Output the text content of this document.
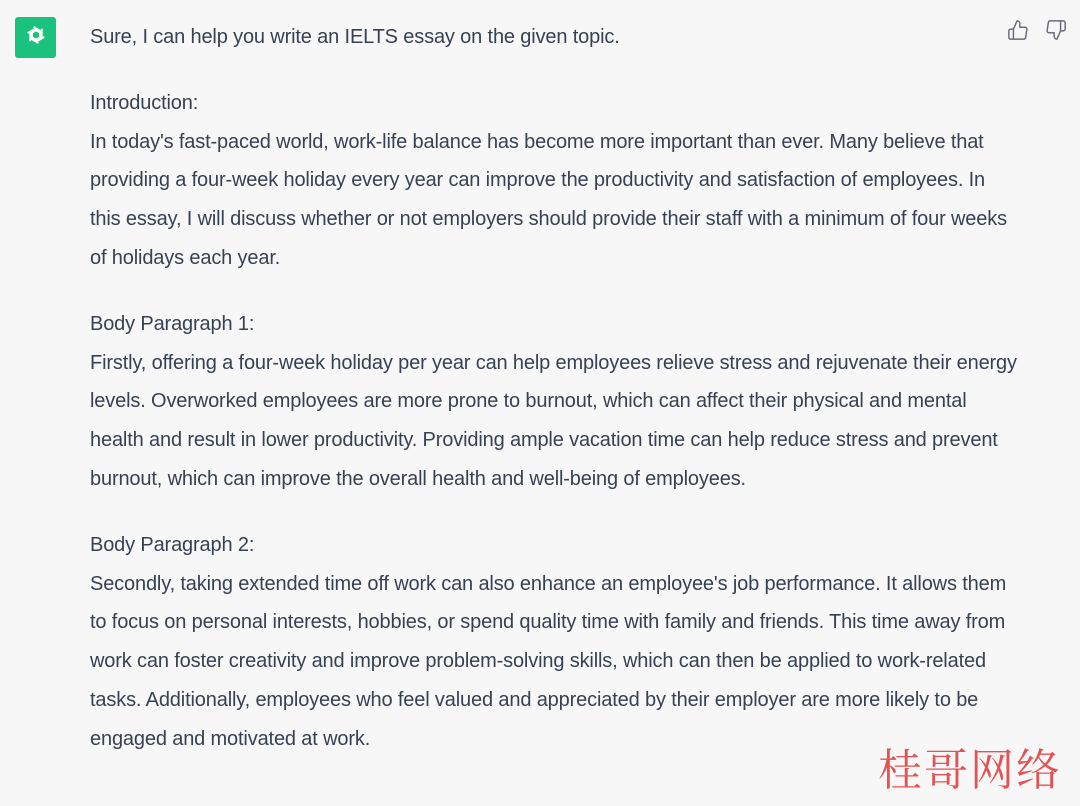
Sure, I can help you write an IELTS essay on the given topic.

Introduction:
In today's fast-paced world, work-life balance has become more important than ever. Many believe that providing a four-week holiday every year can improve the productivity and satisfaction of employees. In this essay, I will discuss whether or not employers should provide their staff with a minimum of four weeks of holidays each year.

Body Paragraph 1:
Firstly, offering a four-week holiday per year can help employees relieve stress and rejuvenate their energy levels. Overworked employees are more prone to burnout, which can affect their physical and mental health and result in lower productivity. Providing ample vacation time can help reduce stress and prevent burnout, which can improve the overall health and well-being of employees.

Body Paragraph 2:
Secondly, taking extended time off work can also enhance an employee's job performance. It allows them to focus on personal interests, hobbies, or spend quality time with family and friends. This time away from work can foster creativity and improve problem-solving skills, which can then be applied to work-related tasks. Additionally, employees who feel valued and appreciated by their employer are more likely to be engaged and motivated at work.

桂哥网络
